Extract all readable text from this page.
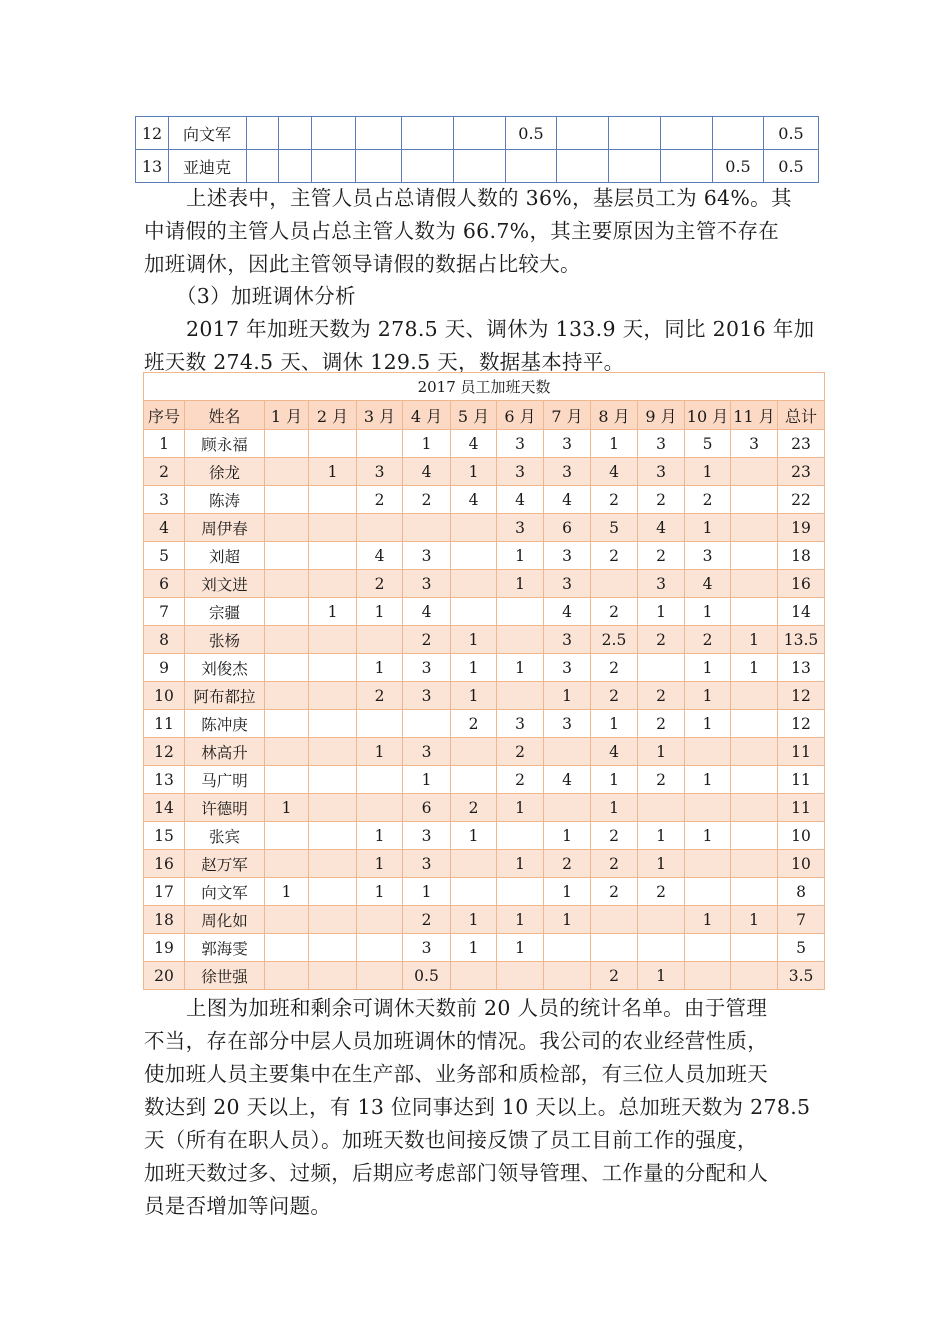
12	向文军							0.5					0.5
13	亚迪克											0.5	0.5
上述表中，主管人员占总请假人数的 36%，基层员工为 64%。其
中请假的主管人员占总主管人数为 66.7%，其主要原因为主管不存在
加班调休，因此主管领导请假的数据占比较大。
（3）加班调休分析
2017 年加班天数为 278.5 天、调休为 133.9 天，同比 2016 年加
班天数 274.5 天、调休 129.5 天，数据基本持平。
2017 员工加班天数													
序号	姓名	1 月	2 月	3 月	4 月	5 月	6 月	7 月	8 月	9 月	10 月	11 月	总计
1	顾永福				1	4	3	3	1	3	5	3	23
2	徐龙		1	3	4	1	3	3	4	3	1		23
3	陈涛			2	2	4	4	4	2	2	2		22
4	周伊春						3	6	5	4	1		19
5	刘超			4	3		1	3	2	2	3		18
6	刘文进			2	3		1	3		3	4		16
7	宗疆		1	1	4			4	2	1	1		14
8	张杨				2	1		3	2.5	2	2	1	13.5
9	刘俊杰			1	3	1	1	3	2		1	1	13
10	阿布都拉			2	3	1		1	2	2	1		12
11	陈冲庚					2	3	3	1	2	1		12
12	林高升			1	3		2		4	1			11
13	马广明				1		2	4	1	2	1		11
14	许德明	1			6	2	1		1				11
15	张宾			1	3	1		1	2	1	1		10
16	赵万军			1	3		1	2	2	1			10
17	向文军	1		1	1			1	2	2			8
18	周化如				2	1	1	1			1	1	7
19	郭海雯				3	1	1						5
20	徐世强				0.5				2	1			3.5
上图为加班和剩余可调休天数前 20 人员的统计名单。由于管理
不当，存在部分中层人员加班调休的情况。我公司的农业经营性质，
使加班人员主要集中在生产部、业务部和质检部，有三位人员加班天
数达到 20 天以上，有 13 位同事达到 10 天以上。总加班天数为 278.5
天（所有在职人员）。加班天数也间接反馈了员工目前工作的强度，
加班天数过多、过频，后期应考虑部门领导管理、工作量的分配和人
员是否增加等问题。
